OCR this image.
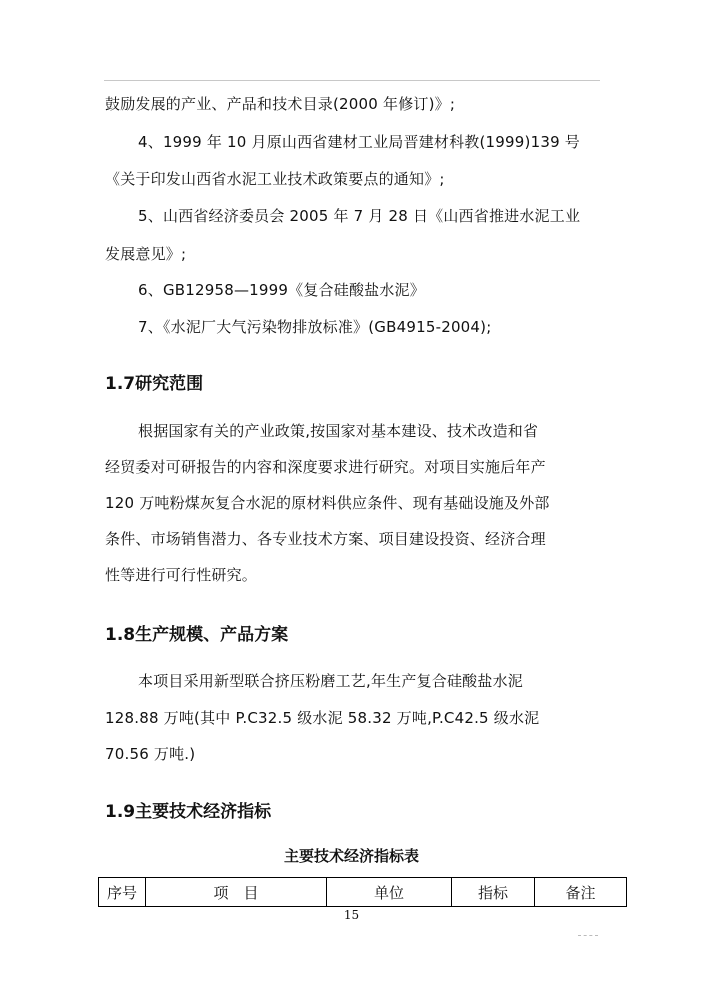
鼓励发展的产业、产品和技术目录(2000 年修订)》;
4、1999 年 10 月原山西省建材工业局晋建材科教(1999)139 号
《关于印发山西省水泥工业技术政策要点的通知》;
5、山西省经济委员会 2005 年 7 月 28 日《山西省推进水泥工业
发展意见》;
6、GB12958—1999《复合硅酸盐水泥》
7、《水泥厂大气污染物排放标准》(GB4915-2004);
1.7研究范围
根据国家有关的产业政策,按国家对基本建设、技术改造和省
经贸委对可研报告的内容和深度要求进行研究。对项目实施后年产
120 万吨粉煤灰复合水泥的原材料供应条件、现有基础设施及外部
条件、市场销售潜力、各专业技术方案、项目建设投资、经济合理
性等进行可行性研究。
1.8生产规模、产品方案
本项目采用新型联合挤压粉磨工艺,年生产复合硅酸盐水泥
128.88 万吨(其中 P.C32.5 级水泥 58.32 万吨,P.C42.5 级水泥
70.56 万吨.)
1.9主要技术经济指标
主要技术经济指标表
序号	项　目	单位	指标	备注
15
